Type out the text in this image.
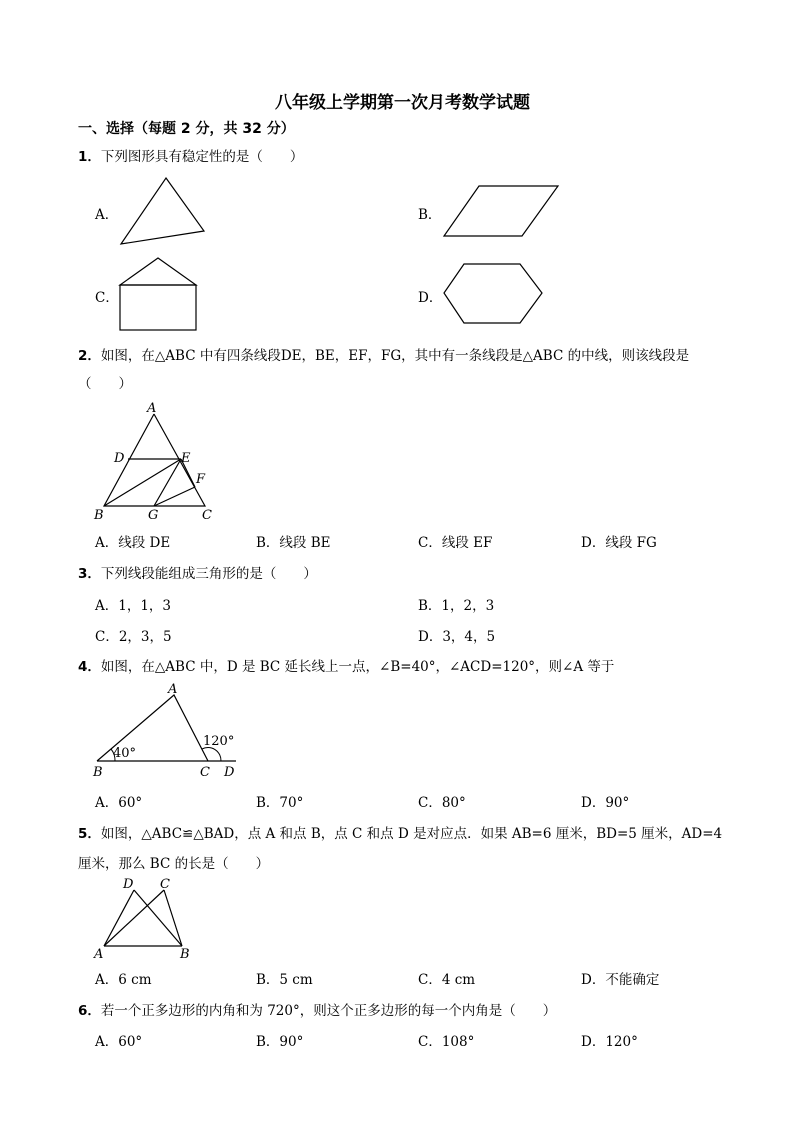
八年级上学期第一次月考数学试题
一、选择（每题 2 分，共 32 分）
1．下列图形具有稳定性的是（　　）
A．	B．
C．	D．
2．如图，在△ABC 中有四条线段DE，BE，EF，FG，其中有一条线段是△ABC 的中线，则该线段是
（　　）
A
D	E
F
B	G	C
A．线段 DE	B．线段 BE	C．线段 EF	D．线段 FG
3．下列线段能组成三角形的是（　　）
A．1，1，3	B．1，2，3
C．2，3，5	D．3，4，5
4．如图，在△ABC 中，D 是 BC 延长线上一点，∠B=40°，∠ACD=120°，则∠A 等于
A
120°
40°
B	C D
A．60°	B．70°	C．80°	D．90°
5．如图，△ABC≌△BAD，点 A 和点 B，点 C 和点 D 是对应点．如果 AB=6 厘米，BD=5 厘米，AD=4
厘米，那么 BC 的长是（　　）
D C
A	B
A．6 cm	B．5 cm	C．4 cm	D．不能确定
6．若一个正多边形的内角和为 720°，则这个正多边形的每一个内角是（　　）
A．60°	B．90°	C．108°	D．120°
